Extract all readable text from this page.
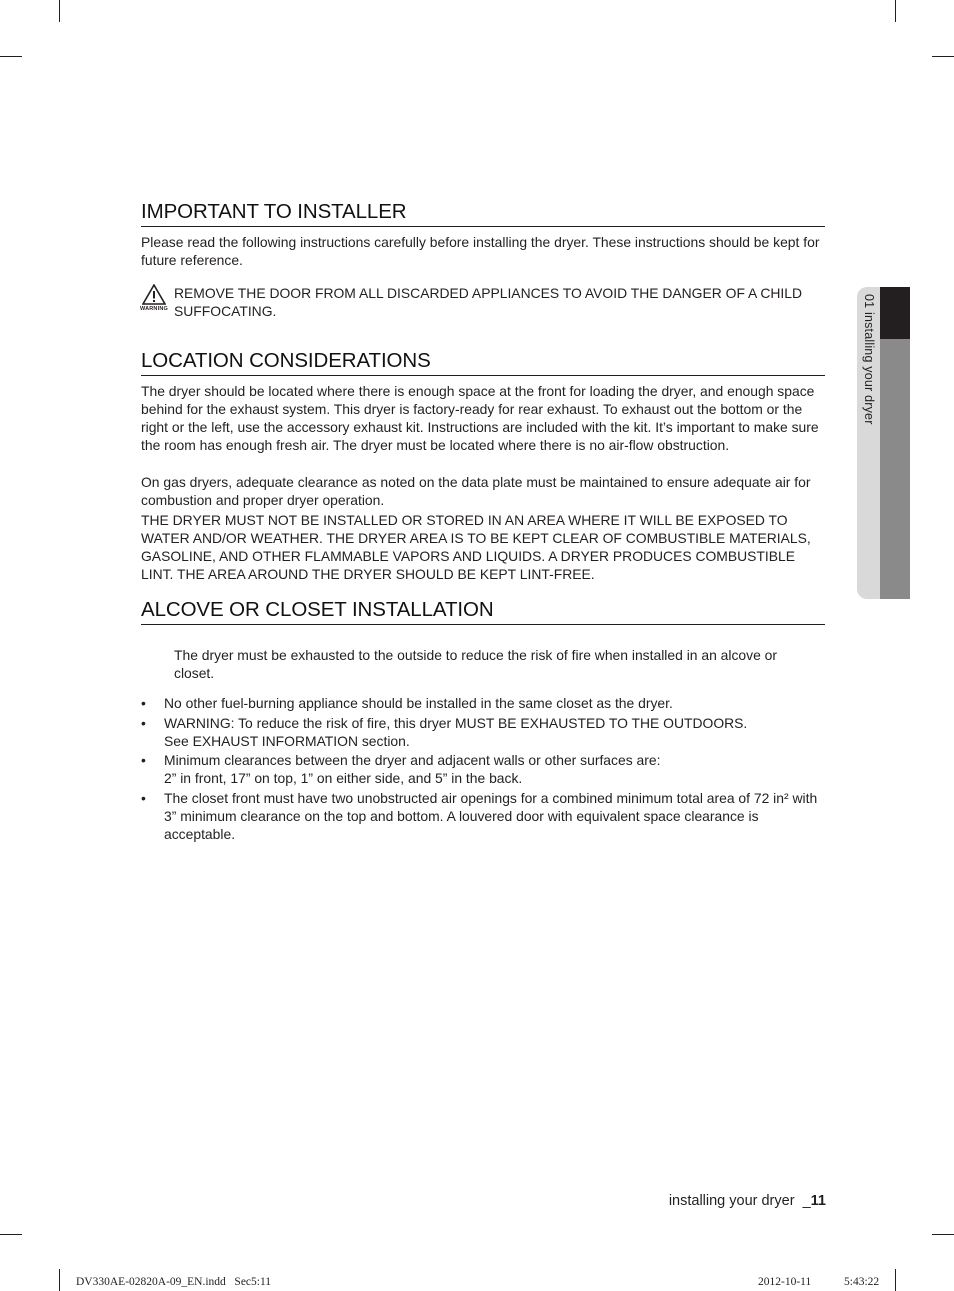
IMPORTANT TO INSTALLER

Please read the following instructions carefully before installing the dryer. These instructions should be kept for future reference.

WARNING
REMOVE THE DOOR FROM ALL DISCARDED APPLIANCES TO AVOID THE DANGER OF A CHILD SUFFOCATING.
LOCATION CONSIDERATIONS

The dryer should be located where there is enough space at the front for loading the dryer, and enough space behind for the exhaust system. This dryer is factory-ready for rear exhaust. To exhaust out the bottom or the right or the left, use the accessory exhaust kit. Instructions are included with the kit. It’s important to make sure the room has enough fresh air. The dryer must be located where there is no air-flow obstruction.

On gas dryers, adequate clearance as noted on the data plate must be maintained to ensure adequate air for combustion and proper dryer operation.

THE DRYER MUST NOT BE INSTALLED OR STORED IN AN AREA WHERE IT WILL BE EXPOSED TO WATER AND/OR WEATHER. THE DRYER AREA IS TO BE KEPT CLEAR OF COMBUSTIBLE MATERIALS, GASOLINE, AND OTHER FLAMMABLE VAPORS AND LIQUIDS. A DRYER PRODUCES COMBUSTIBLE LINT. THE AREA AROUND THE DRYER SHOULD BE KEPT LINT-FREE.

ALCOVE OR CLOSET INSTALLATION

The dryer must be exhausted to the outside to reduce the risk of fire when installed in an alcove or closet.

• No other fuel-burning appliance should be installed in the same closet as the dryer.
• WARNING: To reduce the risk of fire, this dryer MUST BE EXHAUSTED TO THE OUTDOORS.
See EXHAUST INFORMATION section.
• Minimum clearances between the dryer and adjacent walls or other surfaces are:
2” in front, 17” on top, 1” on either side, and 5” in the back.
• The closet front must have two unobstructed air openings for a combined minimum total area of 72 in² with 3” minimum clearance on the top and bottom. A louvered door with equivalent space clearance is acceptable.
01 installing your dryer
installing your dryer  _11
DV330AE-02820A-09_EN.indd   Sec5:11	2012-10-11	5:43:22
